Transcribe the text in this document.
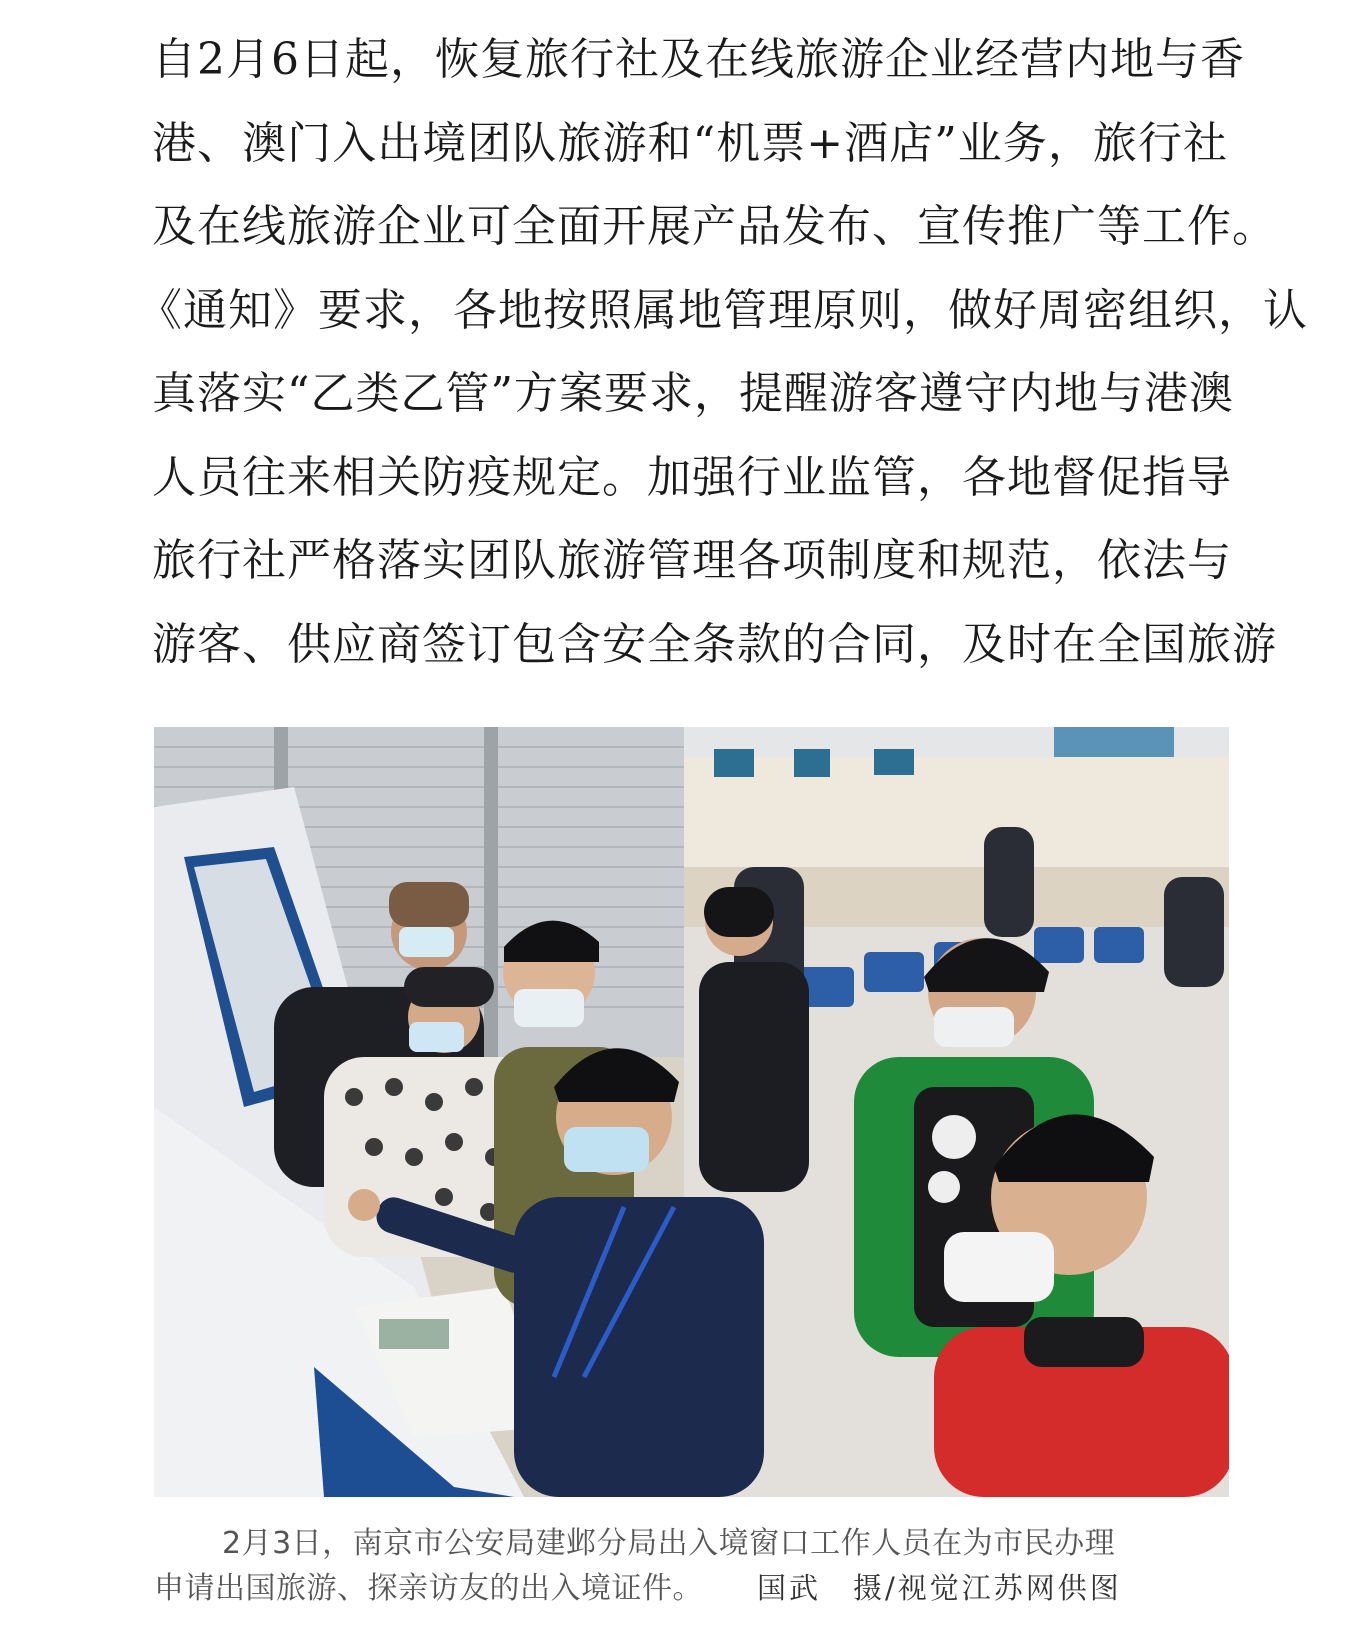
自2月6日起，恢复旅行社及在线旅游企业经营内地与香
港、澳门入出境团队旅游和“机票+酒店”业务，旅行社
及在线旅游企业可全面开展产品发布、宣传推广等工作。
《通知》要求，各地按照属地管理原则，做好周密组织，认
真落实“乙类乙管”方案要求，提醒游客遵守内地与港澳
人员往来相关防疫规定。加强行业监管，各地督促指导
旅行社严格落实团队旅游管理各项制度和规范，依法与
游客、供应商签订包含安全条款的合同，及时在全国旅游
2月3日，南京市公安局建邺分局出入境窗口工作人员在为市民办理
申请出国旅游、探亲访友的出入境证件。 国武　摄/视觉江苏网供图
